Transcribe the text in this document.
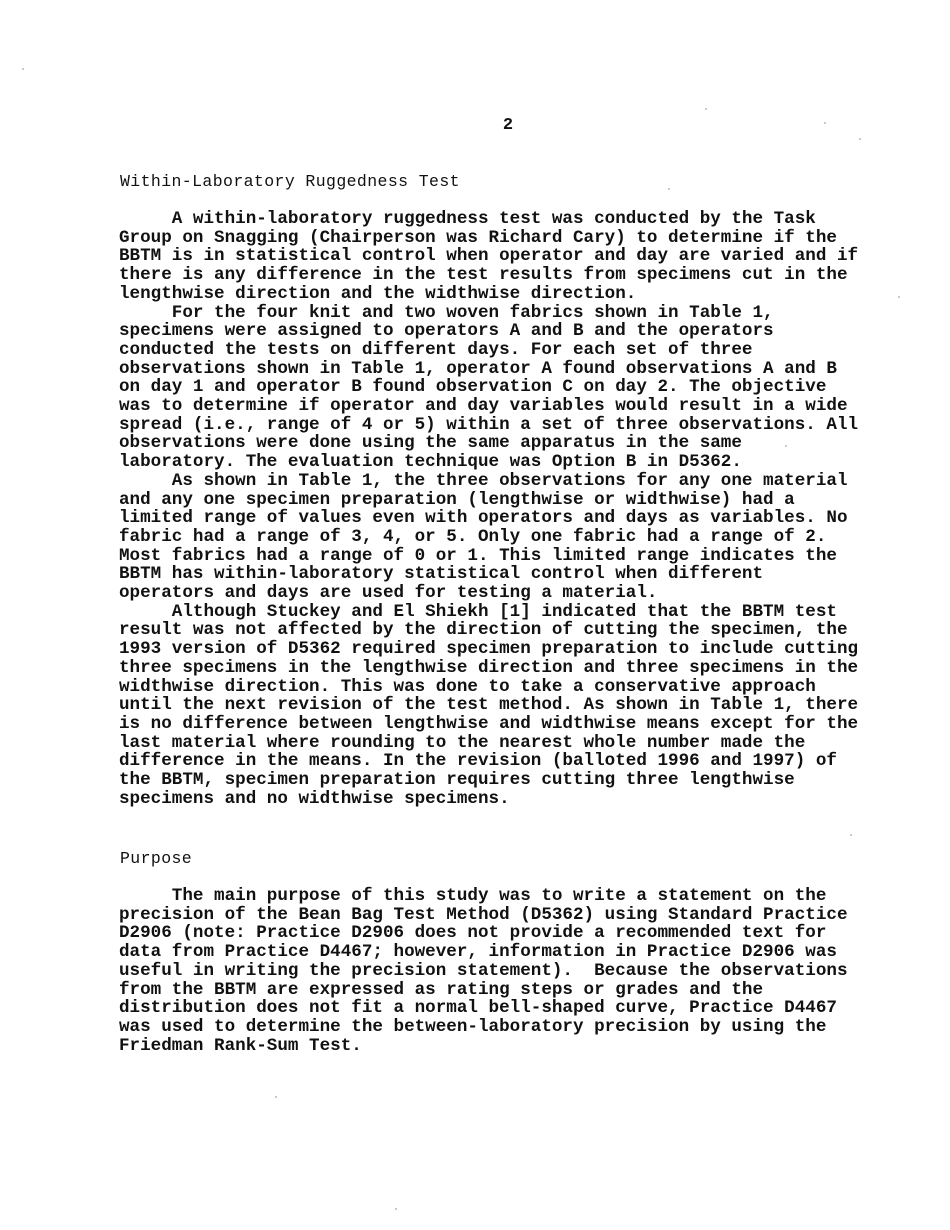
2
Within-Laboratory Ruggedness Test
A within-laboratory ruggedness test was conducted by the Task
Group on Snagging (Chairperson was Richard Cary) to determine if the
BBTM is in statistical control when operator and day are varied and if
there is any difference in the test results from specimens cut in the
lengthwise direction and the widthwise direction.
For the four knit and two woven fabrics shown in Table 1,
specimens were assigned to operators A and B and the operators
conducted the tests on different days. For each set of three
observations shown in Table 1, operator A found observations A and B
on day 1 and operator B found observation C on day 2. The objective
was to determine if operator and day variables would result in a wide
spread (i.e., range of 4 or 5) within a set of three observations. All
observations were done using the same apparatus in the same
laboratory. The evaluation technique was Option B in D5362.
As shown in Table 1, the three observations for any one material
and any one specimen preparation (lengthwise or widthwise) had a
limited range of values even with operators and days as variables. No
fabric had a range of 3, 4, or 5. Only one fabric had a range of 2.
Most fabrics had a range of 0 or 1. This limited range indicates the
BBTM has within-laboratory statistical control when different
operators and days are used for testing a material.
Although Stuckey and El Shiekh [1] indicated that the BBTM test
result was not affected by the direction of cutting the specimen, the
1993 version of D5362 required specimen preparation to include cutting
three specimens in the lengthwise direction and three specimens in the
widthwise direction. This was done to take a conservative approach
until the next revision of the test method. As shown in Table 1, there
is no difference between lengthwise and widthwise means except for the
last material where rounding to the nearest whole number made the
difference in the means. In the revision (balloted 1996 and 1997) of
the BBTM, specimen preparation requires cutting three lengthwise
specimens and no widthwise specimens.
Purpose
The main purpose of this study was to write a statement on the
precision of the Bean Bag Test Method (D5362) using Standard Practice
D2906 (note: Practice D2906 does not provide a recommended text for
data from Practice D4467; however, information in Practice D2906 was
useful in writing the precision statement).  Because the observations
from the BBTM are expressed as rating steps or grades and the
distribution does not fit a normal bell-shaped curve, Practice D4467
was used to determine the between-laboratory precision by using the
Friedman Rank-Sum Test.
